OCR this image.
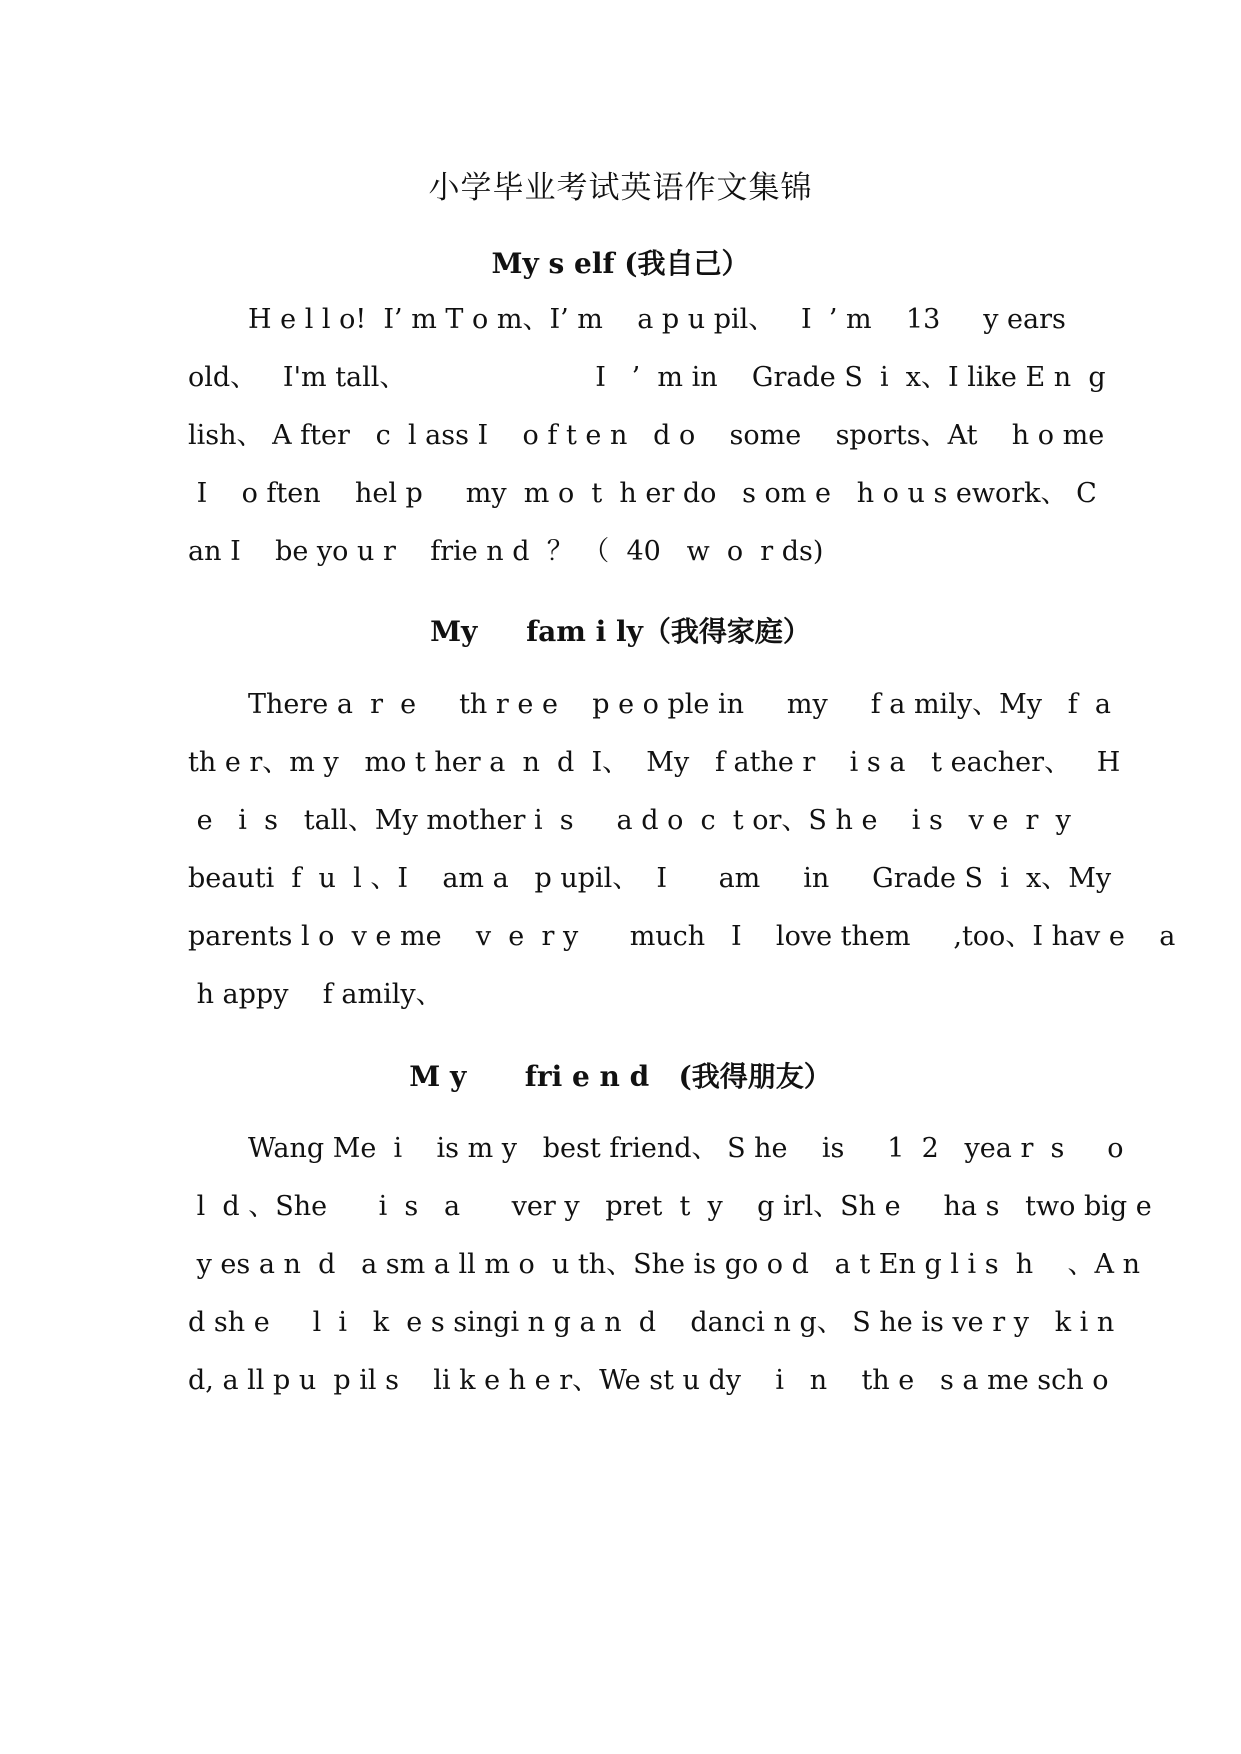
小学毕业考试英语作文集锦
My s elf (我自己）
H e l l o!  I’ m T o m、I’ m    a p u pil、   I  ’ m    13     y ears
old、   I'm tall、                      I   ’  m in    Grade S  i  x、I like E n  g
lish、 A fter   c  l ass I    o f t e n   d o    some    sports、At    h o me
I    o ften    hel p     my  m o  t  h er do   s om e   h o u s ework、 C
an I    be yo u r    frie n d  ？ （  40   w  o  r ds)
My     fam i ly（我得家庭）
There a  r  e     th r e e    p e o ple in     my     f a mily、My   f  a
th e r、m y   mo t her a  n  d  I、  My   f athe r    i s a   t eacher、   H
e   i  s   tall、My mother i  s     a d o  c  t or、S h e    i s   v e  r  y
beauti  f  u  l 、I    am a   p upil、  I      am     in     Grade S  i  x、My
parents l o  v e me    v  e  r y      much   I    love them     ,too、I hav e    a
h appy    f amily、
M y      fri e n d   (我得朋友）
Wang Me  i    is m y   best friend、 S he    is     1  2   yea r  s     o
l  d 、She      i  s   a      ver y   pret  t  y    g irl、Sh e     ha s   two big e
y es a n  d   a sm a ll m o  u th、She is go o d   a t En g l i s  h    、A n
d sh e     l  i   k  e s singi n g a n  d    danci n g、 S he is ve r y   k i n
d, a ll p u  p il s    li k e h e r、We st u dy    i   n    th e   s a me sch o
